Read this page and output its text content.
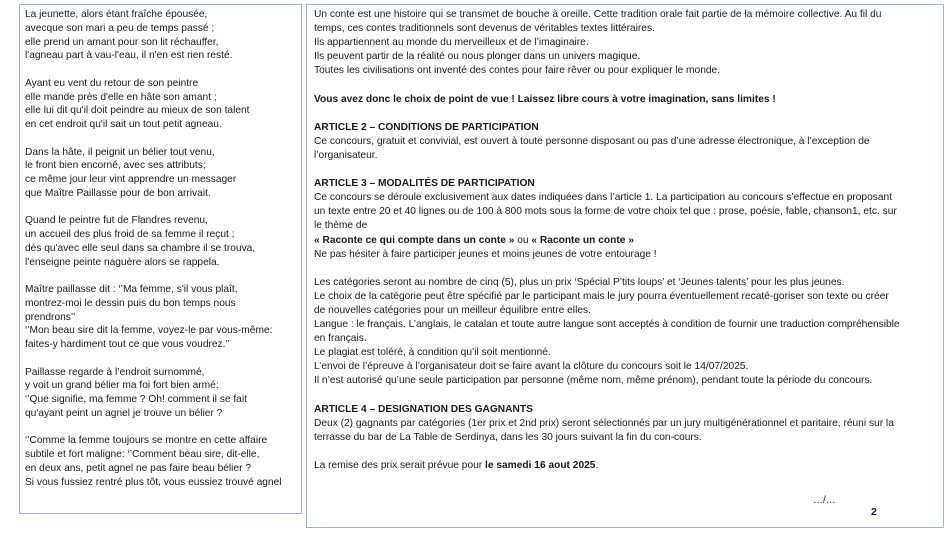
La jeunette, alors étant fraîche épousée,
avecque son mari a peu de temps passé ;
elle prend un amant pour son lit réchauffer,
l'agneau part à vau-l'eau, il n'en est rien resté.
Ayant eu vent du retour de son peintre
elle mande près d'elle en hâte son amant ;
elle lui dit qu'il doit peindre au mieux de son talent
en cet endroit qu'il sait un tout petit agneau.
Dans la hâte, il peignit un bélier tout venu,
le front bien encorné, avec ses attributs;
ce même jour leur vint apprendre un messager
que Maître Paillasse pour de bon arrivait.
Quand le peintre fut de Flandres revenu,
un accueil des plus froid de sa femme il reçut ;
dès qu'avec elle seul dans sa chambre il se trouva,
l'enseigne peinte naguère alors se rappela.
Maître paillasse dit : ‘’Ma femme, s'il vous plaît,
montrez-moi le dessin puis du bon temps nous
prendrons’’
‘’Mon beau sire dit la femme, voyez-le par vous-même:
faites-y hardiment tout ce que vous voudrez.’’
Paillasse regarde à l’endroit surnommé,
y voit un grand bélier ma foi fort bien armé:
‘’Que signifie, ma femme ? Oh! comment il se fait
qu'ayant peint un agnel je trouve un bélier ?
‘’Comme la femme toujours se montre en cette affaire
subtile et fort maligne: ‘’Comment beau sire, dit-elle,
en deux ans, petit agnel ne pas faire beau bélier ?
Si vous fussiez rentré plus tôt, vous eussiez trouvé agnel

Un conte est une histoire qui se transmet de bouche à oreille. Cette tradition orale fait partie de la mémoire collective. Au fil du

temps, ces contes traditionnels sont devenus de véritables textes littéraires.

Ils appartiennent au monde du merveilleux et de l’imaginaire.

Ils peuvent partir de la réalité ou nous plonger dans un univers magique.

Toutes les civilisations ont inventé des contes pour faire rêver ou pour expliquer le monde.

Vous avez donc le choix de point de vue ! Laissez libre cours à votre imagination, sans limites !

ARTICLE 2 – CONDITIONS DE PARTICIPATION

Ce concours, gratuit et convivial, est ouvert à toute personne disposant ou pas d’une adresse électronique, à l’exception de

l’organisateur.

ARTICLE 3 – MODALITÉS DE PARTICIPATION

Ce concours se déroule exclusivement aux dates indiquées dans l’article 1. La participation au concours s’effectue en proposant

un texte entre 20 et 40 lignes ou de 100 à 800 mots sous la forme de votre choix tel que : prose, poésie, fable, chanson1, etc. sur

le thème de

« Raconte ce qui compte dans un conte » ou « Raconte un conte »

Ne pas hésiter à faire participer jeunes et moins jeunes de votre entourage !

Les catégories seront au nombre de cinq (5), plus un prix ‘Spécial P’tits loups’ et ‘Jeunes talents’ pour les plus jeunes.

Le choix de la catégorie peut être spécifié par le participant mais le jury pourra éventuellement recaté-goriser son texte ou créer

de nouvelles catégories pour un meilleur équilibre entre elles.

Langue : le français. L’anglais, le catalan et toute autre langue sont acceptés à condition de fournir une traduction compréhensible

en français.

Le plagiat est toléré, à condition qu’il soit mentionné.

L’envoi de l’épreuve à l’organisateur doit se faire avant la clôture du concours soit le 14/07/2025.

Il n’est autorisé qu’une seule participation par personne (même nom, même prénom), pendant toute la période du concours.

ARTICLE 4 – DESIGNATION DES GAGNANTS

Deux (2) gagnants par catégories (1er prix et 2nd prix) seront sélectionnés par un jury multigénérationnel et paritaire, réuni sur la

terrasse du bar de La Table de Serdinya, dans les 30 jours suivant la fin du con-cours.

La remise des prix serait prévue pour le samedi 16 aout 2025.

…/…
2
